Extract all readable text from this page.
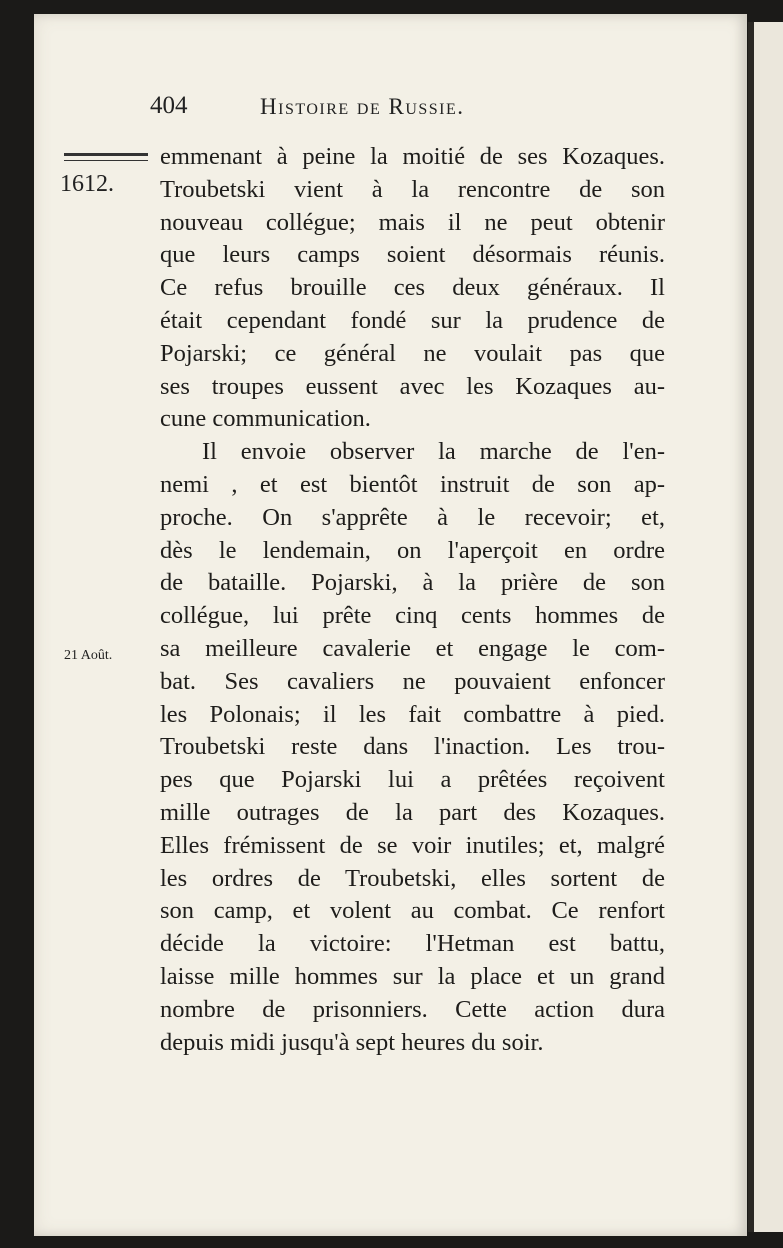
404	Histoire de Russie.
1612.
21 Août.
emmenant à peine la moitié de ses Kozaques.
Troubetski vient à la rencontre de son
nouveau collégue; mais il ne peut obtenir
que leurs camps soient désormais réunis.
Ce refus brouille ces deux généraux. Il
était cependant fondé sur la prudence de
Pojarski; ce général ne voulait pas que
ses troupes eussent avec les Kozaques au-
cune communication.
Il envoie observer la marche de l'en-
nemi , et est bientôt instruit de son ap-
proche. On s'apprête à le recevoir; et,
dès le lendemain, on l'aperçoit en ordre
de bataille. Pojarski, à la prière de son
collégue, lui prête cinq cents hommes de
sa meilleure cavalerie et engage le com-
bat. Ses cavaliers ne pouvaient enfoncer
les Polonais; il les fait combattre à pied.
Troubetski reste dans l'inaction. Les trou-
pes que Pojarski lui a prêtées reçoivent
mille outrages de la part des Kozaques.
Elles frémissent de se voir inutiles; et, malgré
les ordres de Troubetski, elles sortent de
son camp, et volent au combat. Ce renfort
décide la victoire: l'Hetman est battu,
laisse mille hommes sur la place et un grand
nombre de prisonniers. Cette action dura
depuis midi jusqu'à sept heures du soir.
